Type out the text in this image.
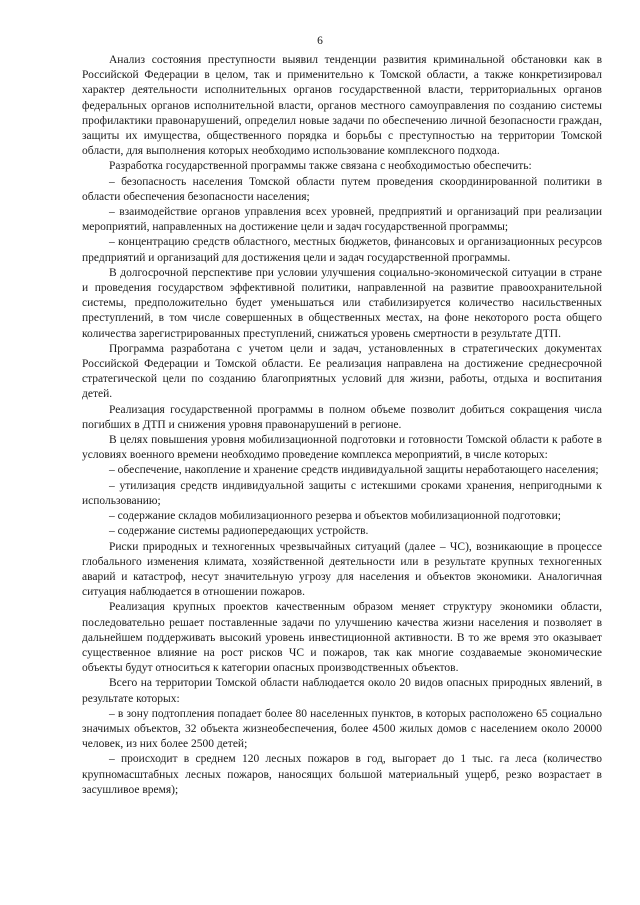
6

Анализ состояния преступности выявил тенденции развития криминальной обстановки как в Российской Федерации в целом, так и применительно к Томской области, а также конкретизировал характер деятельности исполнительных органов государственной власти, территориальных органов федеральных органов исполнительной власти, органов местного самоуправления по созданию системы профилактики правонарушений, определил новые задачи по обеспечению личной безопасности граждан, защиты их имущества, общественного порядка и борьбы с преступностью на территории Томской области, для выполнения которых необходимо использование комплексного подхода.

Разработка государственной программы также связана с необходимостью обеспечить:

– безопасность населения Томской области путем проведения скоординированной политики в области обеспечения безопасности населения;

– взаимодействие органов управления всех уровней, предприятий и организаций при реализации мероприятий, направленных на достижение цели и задач государственной программы;

– концентрацию средств областного, местных бюджетов, финансовых и организационных ресурсов предприятий и организаций для достижения цели и задач государственной программы.

В долгосрочной перспективе при условии улучшения социально-экономической ситуации в стране и проведения государством эффективной политики, направленной на развитие правоохранительной системы, предположительно будет уменьшаться или стабилизируется количество насильственных преступлений, в том числе совершенных в общественных местах, на фоне некоторого роста общего количества зарегистрированных преступлений, снижаться уровень смертности в результате ДТП.

Программа разработана с учетом цели и задач, установленных в стратегических документах Российской Федерации и Томской области. Ее реализация направлена на достижение среднесрочной стратегической цели по созданию благоприятных условий для жизни, работы, отдыха и воспитания детей.

Реализация государственной программы в полном объеме позволит добиться сокращения числа погибших в ДТП и снижения уровня правонарушений в регионе.

В целях повышения уровня мобилизационной подготовки и готовности Томской области к работе в условиях военного времени необходимо проведение комплекса мероприятий, в числе которых:

– обеспечение, накопление и хранение средств индивидуальной защиты неработающего населения;

– утилизация средств индивидуальной защиты с истекшими сроками хранения, непригодными к использованию;

– содержание складов мобилизационного резерва и объектов мобилизационной подготовки;

– содержание системы радиопередающих устройств.

Риски природных и техногенных чрезвычайных ситуаций (далее – ЧС), возникающие в процессе глобального изменения климата, хозяйственной деятельности или в результате крупных техногенных аварий и катастроф, несут значительную угрозу для населения и объектов экономики. Аналогичная ситуация наблюдается в отношении пожаров.

Реализация крупных проектов качественным образом меняет структуру экономики области, последовательно решает поставленные задачи по улучшению качества жизни населения и позволяет в дальнейшем поддерживать высокий уровень инвестиционной активности. В то же время это оказывает существенное влияние на рост рисков ЧС и пожаров, так как многие создаваемые экономические объекты будут относиться к категории опасных производственных объектов.

Всего на территории Томской области наблюдается около 20 видов опасных природных явлений, в результате которых:

– в зону подтопления попадает более 80 населенных пунктов, в которых расположено 65 социально значимых объектов, 32 объекта жизнеобеспечения, более 4500 жилых домов с населением около 20000 человек, из них более 2500 детей;

– происходит в среднем 120 лесных пожаров в год, выгорает до 1 тыс. га леса (количество крупномасштабных лесных пожаров, наносящих большой материальный ущерб, резко возрастает в засушливое время);
